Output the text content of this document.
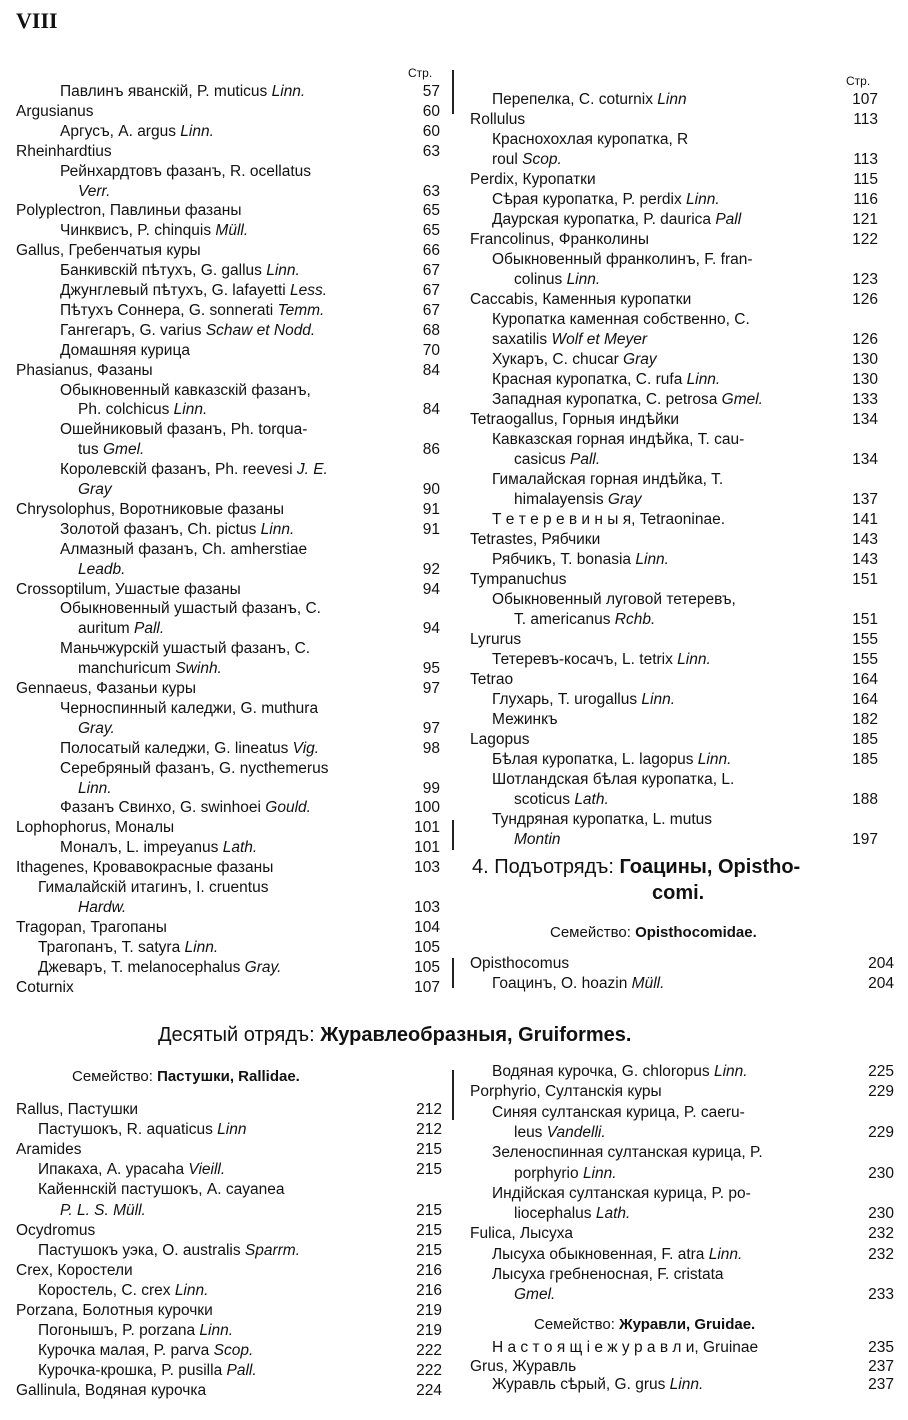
VIII
Стр.
Павлинъ явaнскiй, P. muticus Linn.	57
Argusianus	60
Аргусъ, A. argus Linn.	60
Rheinhardtius	63
Рейнхардтовъ фазанъ, R. ocellatus
Verr.	63
Polyplectron, Павлиньи фазаны	65
Чинквисъ, P. chinquis Müll.	65
Gallus, Гребенчатыя куры	66
Банкивскiй пѣтухъ, G. gallus Linn.	67
Джунглевый пѣтухъ, G. lafayetti Less.	67
Пѣтухъ Соннера, G. sonnerati Temm.	67
Гангегаръ, G. varius Schaw et Nodd.	68
Домашняя курица	70
Phasianus, Фазаны	84
Обыкновенный кавказскiй фазанъ,
Ph. colchicus Linn.	84
Ошейниковый фазанъ, Ph. torqua-
tus Gmel.	86
Королевскiй фазанъ, Ph. reevesi J. E.
Gray	90
Chrysolophus, Воротниковые фазаны	91
Золотой фазанъ, Ch. pictus Linn.	91
Алмазный фазанъ, Ch. amherstiae
Leadb.	92
Crossoptilum, Ушастые фазаны	94
Обыкновенный ушастый фазанъ, C.
auritum Pall.	94
Маньчжурскiй ушастый фазанъ, C.
manchuricum Swinh.	95
Gennaeus, Фазаньи куры	97
Черноспинный каледжи, G. muthura
Gray.	97
Полосатый каледжи, G. lineatus Vig.	98
Серебряный фазанъ, G. nycthemerus
Linn.	99
Фазанъ Свинхо, G. swinhoei Gould.	100
Lophophorus, Моналы	101
Моналъ, L. impeyanus Lath.	101
Ithagenes, Кровавокрасные фазаны	103
Гималайскiй итагинъ, I. cruentus
Hardw.	103
Tragopan, Трагопаны	104
Трагопанъ, T. satyra Linn.	105
Джеваръ, T. melanocephalus Gray.	105
Coturnix	107
Стр.
Перепелка, C. coturnix Linn	107
Rollulus	113
Краснохохлая куропатка, R
roul Scop.	113
Perdix, Куропатки	115
Сѣрая куропатка, P. perdix Linn.	116
Даурская куропатка, P. daurica Pall	121
Francolinus, Франколины	122
Обыкновенный франколинъ, F. fran-
colinus Linn.	123
Caccabis, Каменныя куропатки	126
Куропатка каменная собственно, C.
saxatilis Wolf et Meyer	126
Хукаръ, C. chucar Gray	130
Красная куропатка, C. rufa Linn.	130
Западная куропатка, C. petrosa Gmel.	133
Tetraogallus, Горныя индѣйки	134
Кавказская горная индѣйка, T. cau-
casicus Pall.	134
Гималайская горная индѣйка, T.
himalayensis Gray	137
Т е т е р е в и н ы я, Tetraoninae.	141
Tetrastes, Рябчики	143
Рябчикъ, T. bonasia Linn.	143
Tympanuchus	151
Обыкновенный луговой тетеревъ,
T. americanus Rchb.	151
Lyrurus	155
Тетеревъ-косачъ, L. tetrix Linn.	155
Tetrao	164
Глухарь, T. urogallus Linn.	164
Межинкъ	182
Lagopus	185
Бѣлая куропатка, L. lagopus Linn.	185
Шотландская бѣлая куропатка, L.
scoticus Lath.	188
Тундряная куропатка, L. mutus
Montin	197
4. Подъотрядъ: Гоацины, Opistho-
comi.
Семейство: Opisthocomidae.
Opisthocomus	204
Гоацинъ, O. hoazin Müll.	204
Десятый отрядъ: Журавлеобразныя, Gruiformes.
Семейство: Пастушки, Rallidae.
Rallus, Пастушки	212
Пастушокъ, R. aquaticus Linn	212
Aramides	215
Ипакаха, A. урасаha Vieill.	215
Кайеннскiй пастушокъ, A. cayanea
P. L. S. Müll.	215
Ocydromus	215
Пастушокъ уэка, O. australis Sparrm.	215
Crex, Коростели	216
Коростель, C. crex Linn.	216
Porzana, Болотныя курочки	219
Погонышъ, P. porzana Linn.	219
Курочка малая, P. parva Scop.	222
Курочка-крошка, P. pusilla Pall.	222
Gallinula, Водяная курочка	224
Водяная курочка, G. chloropus Linn.	225
Porphyrio, Султанскiя куры	229
Синяя султанская курица, P. caeru-
leus Vandelli.	229
Зеленоспинная султанская курица, P.
porphyrio Linn.	230
Индiйская султанская курица, P. po-
liocephalus Lath.	230
Fulica, Лысуха	232
Лысуха обыкновенная, F. atra Linn.	232
Лысуха гребненосная, F. cristata
Gmel.	233
Семейство: Журавли, Gruidae.
Н а с т о я щ i е ж у р а в л и, Gruinae	235
Grus, Журавль	237
Журавль сѣрый, G. grus Linn.	237
